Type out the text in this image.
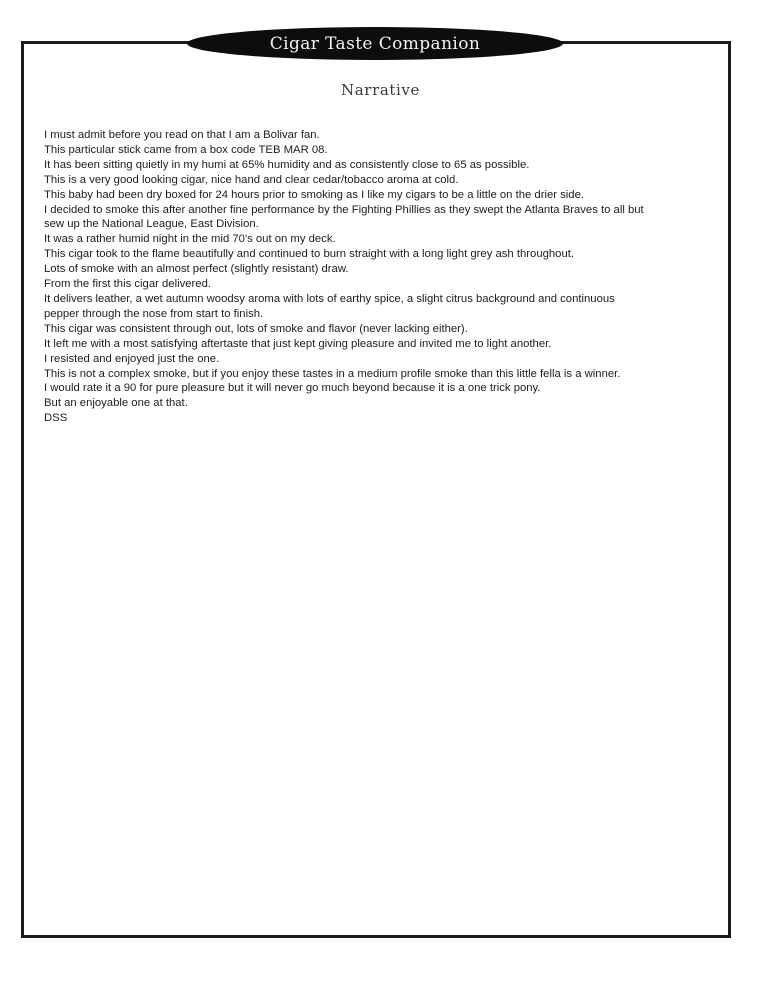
Cigar Taste Companion
Narrative
I must admit before you read on that I am a Bolivar fan.
This particular stick came from a box code TEB MAR 08.
It has been sitting quietly in my humi at 65% humidity and as consistently close to 65 as possible.
This is a very good looking cigar, nice hand and clear cedar/tobacco aroma at cold.
This baby had been dry boxed for 24 hours prior to smoking as I like my cigars to be a little on the drier side.
I decided to smoke this after another fine performance by the Fighting Phillies as they swept the Atlanta Braves to all but
sew up the National League, East Division.
It was a rather humid night in the mid 70's out on my deck.
This cigar took to the flame beautifully and continued to burn straight with a long light grey ash throughout.
Lots of smoke with an almost perfect (slightly resistant) draw.
From the first this cigar delivered.
It delivers leather, a wet autumn woodsy aroma with lots of earthy spice, a slight citrus background and continuous
pepper through the nose from start to finish.
This cigar was consistent through out, lots of smoke and flavor (never lacking either).
It left me with a most satisfying aftertaste that just kept giving pleasure and invited me to light another.
I resisted and enjoyed just the one.
This is not a complex smoke, but if you enjoy these tastes in a medium profile smoke than this little fella is a winner.
I would rate it a 90 for pure pleasure but it will never go much beyond because it is a one trick pony.
But an enjoyable one at that.
DSS
